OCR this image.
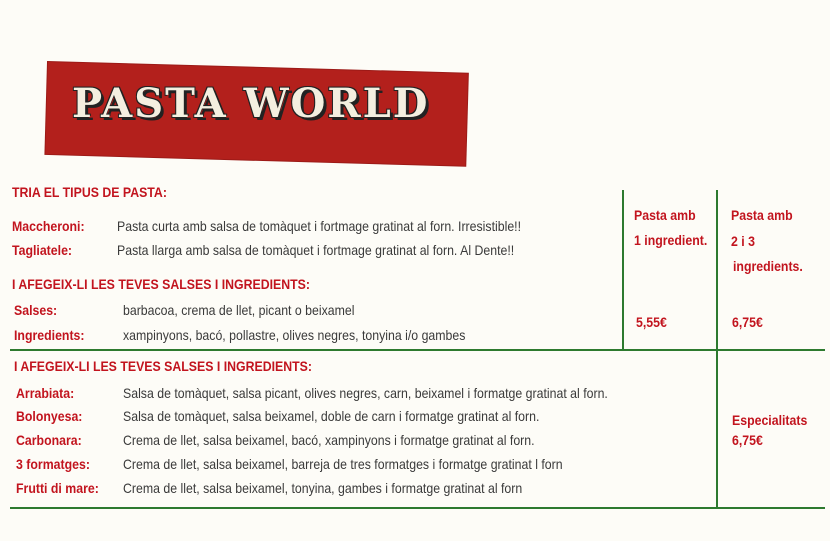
PASTA WORLD
TRIA EL TIPUS DE PASTA:
Maccheroni: Pasta curta amb salsa de tomàquet i fortmage gratinat al forn. Irresistible!!
Tagliatele:	Pasta llarga amb salsa de tomàquet i fortmage gratinat al forn. Al Dente!!
I AFEGEIX-LI LES TEVES SALSES I INGREDIENTS:
Salses:	barbacoa, crema de llet, picant o beixamel
Ingredients:	xampinyons, bacó, pollastre, olives negres, tonyina i/o gambes
Pasta amb
1 ingredient.
5,55€
Pasta amb
2 i 3
ingredients.
6,75€
I AFEGEIX-LI LES TEVES SALSES I INGREDIENTS:
Arrabiata:	Salsa de tomàquet, salsa picant, olives negres, carn, beixamel i formatge gratinat al forn.
Bolonyesa:	Salsa de tomàquet, salsa beixamel, doble de carn i formatge gratinat al forn.
Carbonara:	Crema de llet, salsa beixamel, bacó, xampinyons i formatge gratinat al forn.
3 formatges: Crema de llet, salsa beixamel, barreja de tres formatges i formatge gratinat l forn
Frutti di mare: Crema de llet, salsa beixamel, tonyina, gambes i formatge gratinat al forn
Especialitats
6,75€
